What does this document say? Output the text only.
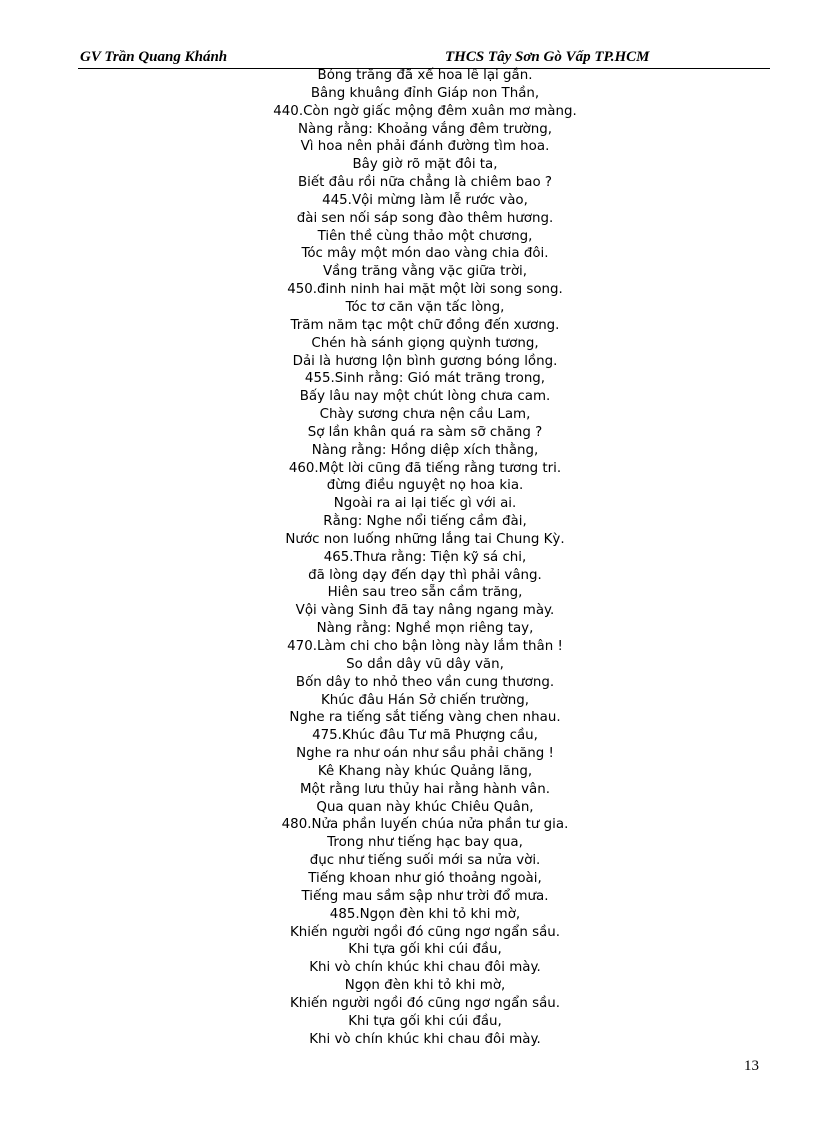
GV Trần Quang Khánh	THCS Tây Sơn Gò Vấp TP.HCM
Bóng trăng đã xế hoa lê lại gần.
Bâng khuâng đỉnh Giáp non Thần,
440.Còn ngờ giấc mộng đêm xuân mơ màng.
Nàng rằng: Khoảng vắng đêm trường,
Vì hoa nên phải đánh đường tìm hoa.
Bây giờ rõ mặt đôi ta,
Biết đâu rồi nữa chẳng là chiêm bao ?
445.Vội mừng làm lễ rước vào,
đài sen nối sáp song đào thêm hương.
Tiên thề cùng thảo một chương,
Tóc mây một món dao vàng chia đôi.
Vầng trăng vằng vặc giữa trời,
450.đinh ninh hai mặt một lời song song.
Tóc tơ căn vặn tấc lòng,
Trăm năm tạc một chữ đồng đến xương.
Chén hà sánh giọng quỳnh tương,
Dải là hương lộn bình gương bóng lồng.
455.Sinh rằng: Gió mát trăng trong,
Bấy lâu nay một chút lòng chưa cam.
Chày sương chưa nện cầu Lam,
Sợ lần khân quá ra sàm sỡ chăng ?
Nàng rằng: Hồng diệp xích thằng,
460.Một lời cũng đã tiếng rằng tương tri.
đừng điều nguyệt nọ hoa kia.
Ngoài ra ai lại tiếc gì với ai.
Rằng: Nghe nổi tiếng cầm đài,
Nước non luống những lắng tai Chung Kỳ.
465.Thưa rằng: Tiện kỹ sá chi,
đã lòng dạy đến dạy thì phải vâng.
Hiên sau treo sẵn cầm trăng,
Vội vàng Sinh đã tay nâng ngang mày.
Nàng rằng: Nghề mọn riêng tay,
470.Làm chi cho bận lòng này lắm thân !
So dần dây vũ dây văn,
Bốn dây to nhỏ theo vần cung thương.
Khúc đâu Hán Sở chiến trường,
Nghe ra tiếng sắt tiếng vàng chen nhau.
475.Khúc đâu Tư mã Phượng cầu,
Nghe ra như oán như sầu phải chăng !
Kê Khang này khúc Quảng lăng,
Một rằng lưu thủy hai rằng hành vân.
Qua quan này khúc Chiêu Quân,
480.Nửa phần luyến chúa nửa phần tư gia.
Trong như tiếng hạc bay qua,
đục như tiếng suối mới sa nửa vời.
Tiếng khoan như gió thoảng ngoài,
Tiếng mau sầm sập như trời đổ mưa.
485.Ngọn đèn khi tỏ khi mờ,
Khiến người ngồi đó cũng ngơ ngẩn sầu.
Khi tựa gối khi cúi đầu,
Khi vò chín khúc khi chau đôi mày.
Ngọn đèn khi tỏ khi mờ,
Khiến người ngồi đó cũng ngơ ngẩn sầu.
Khi tựa gối khi cúi đầu,
Khi vò chín khúc khi chau đôi mày.
13
